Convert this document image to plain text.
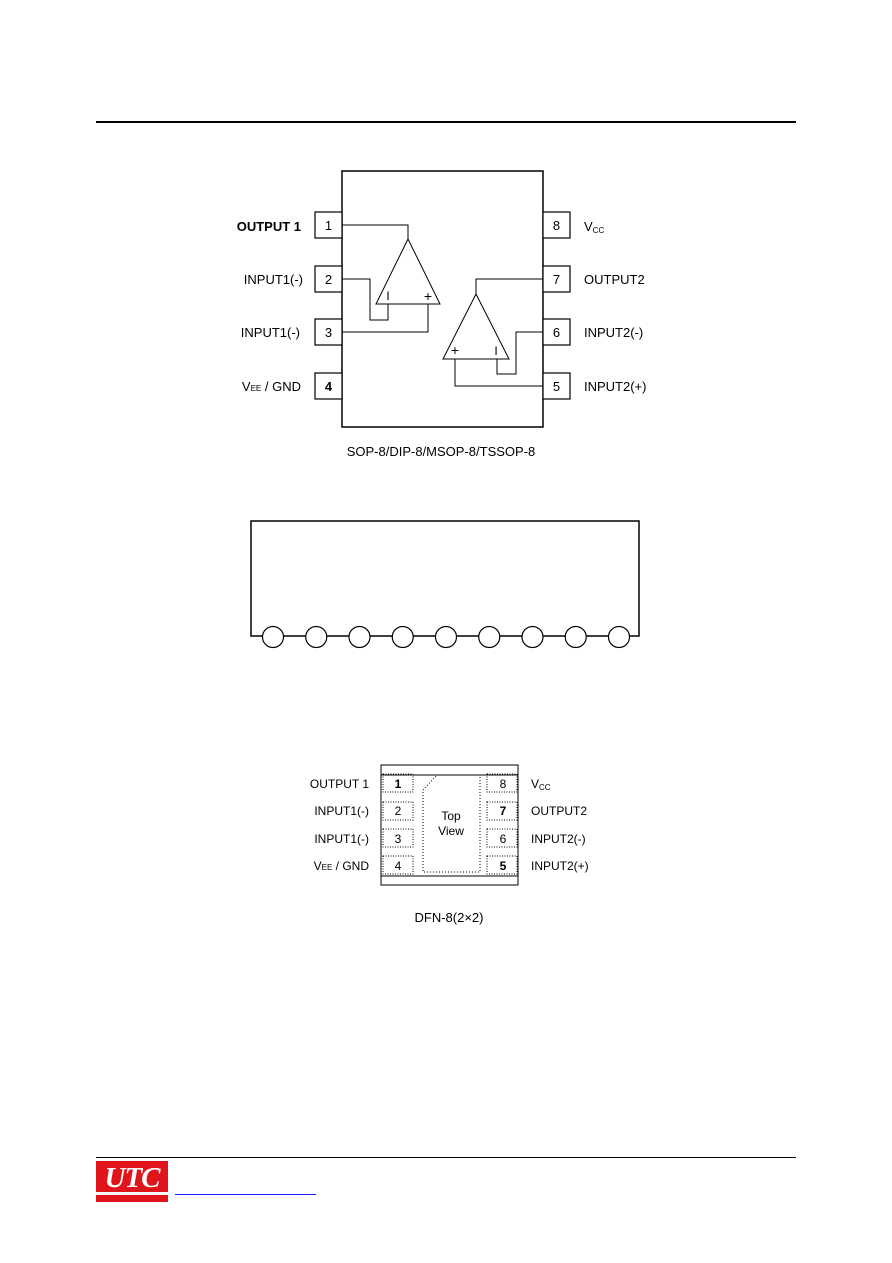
1
2
3
4
OUTPUT 1
INPUT1(-)
INPUT1(-)
VEE / GND
8
7
6
5
VCC
OUTPUT2
INPUT2(-)
INPUT2(+)
I +
+	I
SOP-8/DIP-8/MSOP-8/TSSOP-8
Top
View
1
2
3
4
8
7
6
5
OUTPUT 1
INPUT1(-)
INPUT1(-)
VEE / GND
VCC
OUTPUT2
INPUT2(-)
INPUT2(+)
DFN-8(2×2)
UTC
